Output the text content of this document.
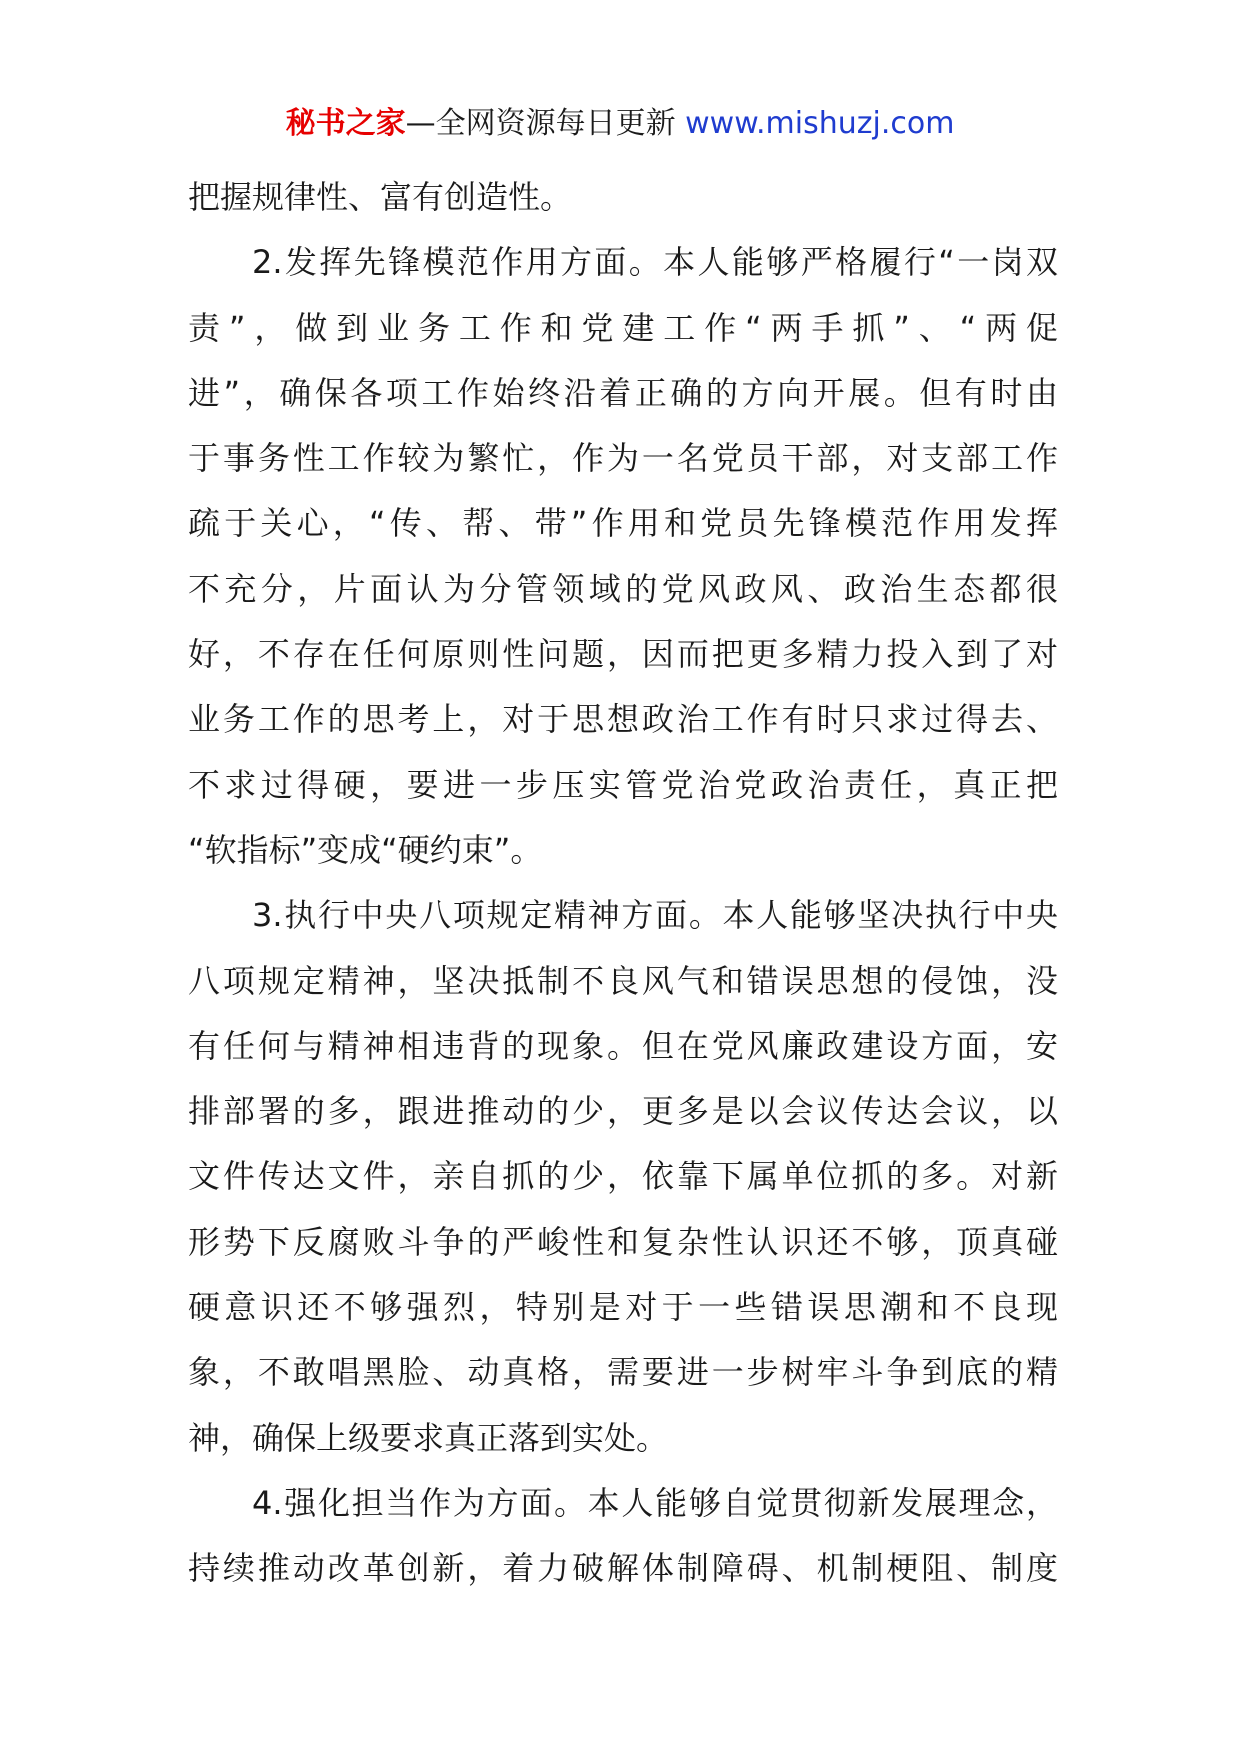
秘书之家—全网资源每日更新 www.mishuzj.com

把握规律性、富有创造性。

2.发挥先锋模范作用方面。本人能够严格履行“一岗双
责”，做到业务工作和党建工作“两手抓”、“两促
进”，确保各项工作始终沿着正确的方向开展。但有时由
于事务性工作较为繁忙，作为一名党员干部，对支部工作
疏于关心，“传、帮、带”作用和党员先锋模范作用发挥
不充分，片面认为分管领域的党风政风、政治生态都很
好，不存在任何原则性问题，因而把更多精力投入到了对
业务工作的思考上，对于思想政治工作有时只求过得去、
不求过得硬，要进一步压实管党治党政治责任，真正把
“软指标”变成“硬约束”。

3.执行中央八项规定精神方面。本人能够坚决执行中央
八项规定精神，坚决抵制不良风气和错误思想的侵蚀，没
有任何与精神相违背的现象。但在党风廉政建设方面，安
排部署的多，跟进推动的少，更多是以会议传达会议，以
文件传达文件，亲自抓的少，依靠下属单位抓的多。对新
形势下反腐败斗争的严峻性和复杂性认识还不够，顶真碰
硬意识还不够强烈，特别是对于一些错误思潮和不良现
象，不敢唱黑脸、动真格，需要进一步树牢斗争到底的精
神，确保上级要求真正落到实处。

4.强化担当作为方面。本人能够自觉贯彻新发展理念，
持续推动改革创新，着力破解体制障碍、机制梗阻、制度
